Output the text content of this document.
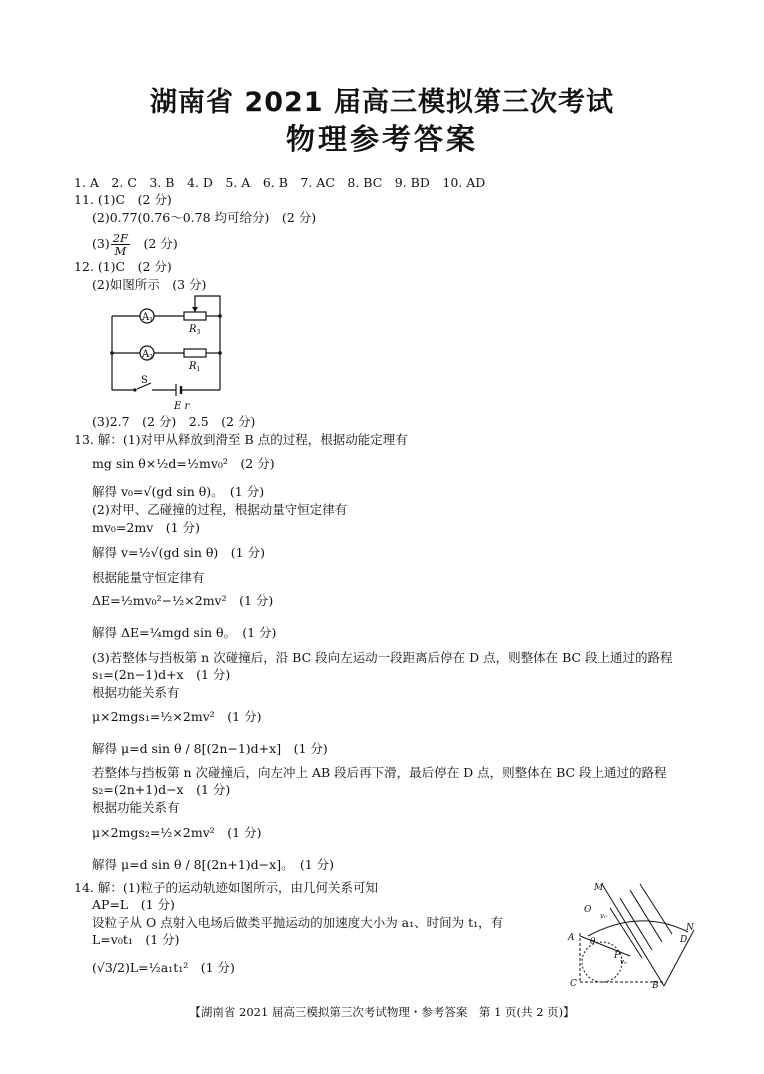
湖南省 2021 届高三模拟第三次考试
物理参考答案
1. A　2. C　3. B　4. D　5. A　6. B　7. AC　8. BC　9. BD　10. AD
11. (1)C　(2 分)
(2)0.77(0.76～0.78 均可给分)　(2 分)
$(3) \frac{2F}{M}$ 　(2 分)
12. (1)C　(2 分)
(2)如图所示　(3 分)
$A_1$
$A_2$
$R_3$
$R_1$
S
E r
(3)2.7　(2 分)　2.5　(2 分)
13. 解：(1)对甲从释放到滑至 B 点的过程，根据动能定理有
mg sin θ×½d=½mv₀²　(2 分)
解得 v₀=√(gd sin θ)。　(1 分)
(2)对甲、乙碰撞的过程，根据动量守恒定律有
mv₀=2mv　(1 分)
解得 v=½√(gd sin θ)　(1 分)
根据能量守恒定律有
ΔE=½mv₀²−½×2mv²　(1 分)
解得 ΔE=¼mgd sin θ。　(1 分)
(3)若整体与挡板第 n 次碰撞后，沿 BC 段向左运动一段距离后停在 D 点，则整体在 BC 段上通过的路程
s₁=(2n−1)d+x　(1 分)
根据功能关系有
μ×2mgs₁=½×2mv²　(1 分)
解得 μ=d sin θ / 8[(2n−1)d+x]　(1 分)
若整体与挡板第 n 次碰撞后，向左冲上 AB 段后再下滑，最后停在 D 点，则整体在 BC 段上通过的路程
s₂=(2n+1)d−x　(1 分)
根据功能关系有
μ×2mgs₂=½×2mv²　(1 分)
解得 μ=d sin θ / 8[(2n+1)d−x]。　(1 分)
14. 解：(1)粒子的运动轨迹如图所示，由几何关系可知
AP=L　(1 分)
设粒子从 O 点射入电场后做类平抛运动的加速度大小为 a₁、时间为 t₁，有
L=v₀t₁　(1 分)
(√3/2)L=½a₁t₁²　(1 分)
M
O
v₀
N
D
A θ
P
v₀
C	B
【湖南省 2021 届高三模拟第三次考试物理・参考答案　第 1 页(共 2 页)】
